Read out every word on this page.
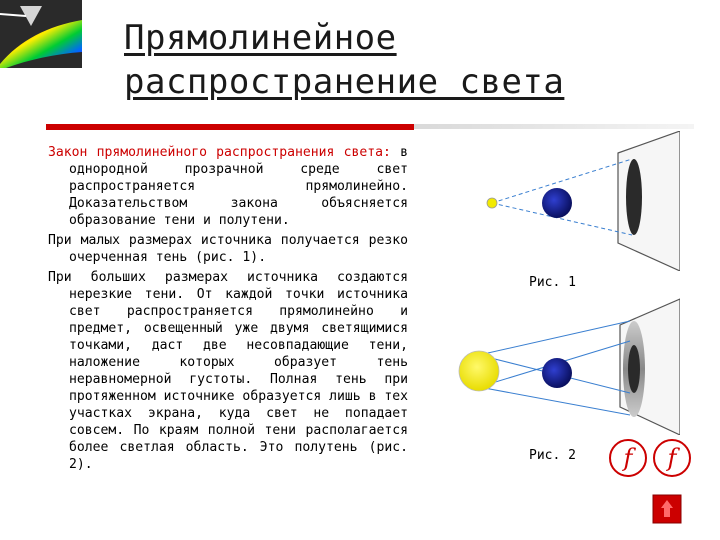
Прямолинейное
распространение света

Закон прямолинейного распространения света: в однородной прозрачной среде свет распространяется прямолинейно. Доказательством закона объясняется образование тени и полутени.

При малых размерах источника получается резко очерченная тень (рис. 1).

При больших размерах источника создаются нерезкие тени. От каждой точки источника свет распространяется прямолинейно и предмет, освещенный уже двумя светящимися точками, даст две несовпадающие тени, наложение которых образует тень неравномерной густоты. Полная тень при протяженном источнике образуется лишь в тех участках экрана, куда свет не попадает совсем. По краям полной тени располагается более светлая область. Это полутень (рис. 2).

Рис. 1
Рис. 2 f f
